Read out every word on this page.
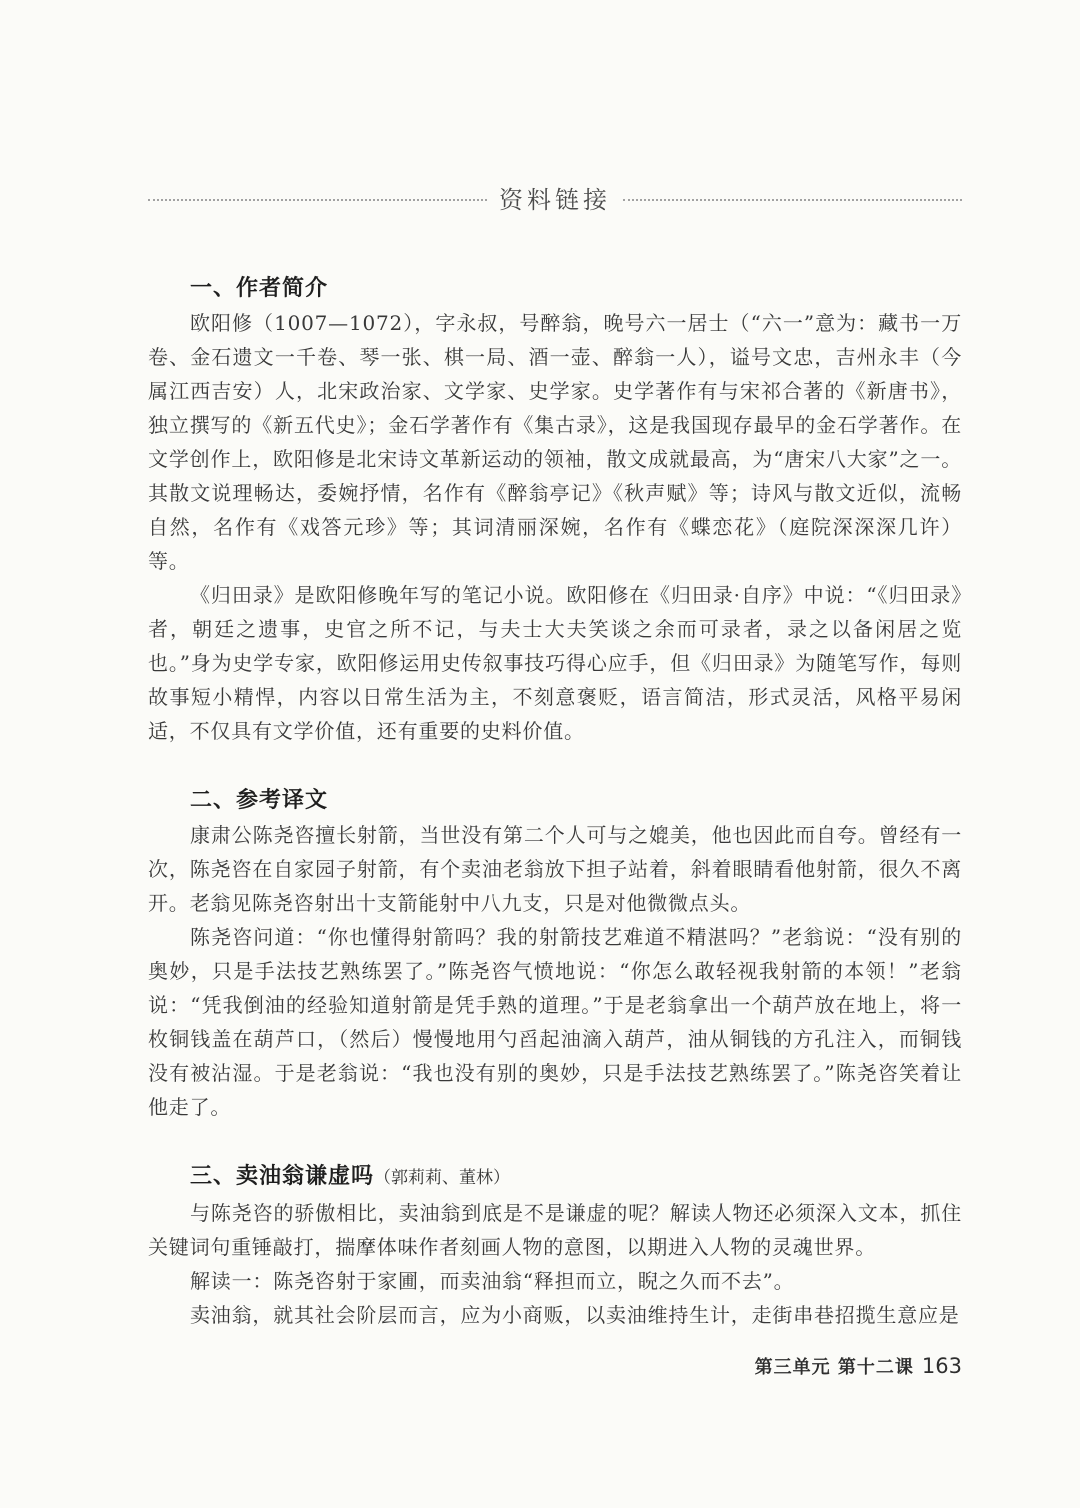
资料链接
一、作者简介

欧阳修（1007—1072），字永叔，号醉翁，晚号六一居士（“六一”意为：藏书一万卷、金石遗文一千卷、琴一张、棋一局、酒一壶、醉翁一人），谥号文忠，吉州永丰（今属江西吉安）人，北宋政治家、文学家、史学家。史学著作有与宋祁合著的《新唐书》，独立撰写的《新五代史》；金石学著作有《集古录》，这是我国现存最早的金石学著作。在文学创作上，欧阳修是北宋诗文革新运动的领袖，散文成就最高，为“唐宋八大家”之一。其散文说理畅达，委婉抒情，名作有《醉翁亭记》《秋声赋》等；诗风与散文近似，流畅自然，名作有《戏答元珍》等；其词清丽深婉，名作有《蝶恋花》（庭院深深深几许）等。

《归田录》是欧阳修晚年写的笔记小说。欧阳修在《归田录·自序》中说：“《归田录》者，朝廷之遗事，史官之所不记，与夫士大夫笑谈之余而可录者，录之以备闲居之览也。”身为史学专家，欧阳修运用史传叙事技巧得心应手，但《归田录》为随笔写作，每则故事短小精悍，内容以日常生活为主，不刻意褒贬，语言简洁，形式灵活，风格平易闲适，不仅具有文学价值，还有重要的史料价值。

二、参考译文

康肃公陈尧咨擅长射箭，当世没有第二个人可与之媲美，他也因此而自夸。曾经有一次，陈尧咨在自家园子射箭，有个卖油老翁放下担子站着，斜着眼睛看他射箭，很久不离开。老翁见陈尧咨射出十支箭能射中八九支，只是对他微微点头。

陈尧咨问道：“你也懂得射箭吗？我的射箭技艺难道不精湛吗？”老翁说：“没有别的奥妙，只是手法技艺熟练罢了。”陈尧咨气愤地说：“你怎么敢轻视我射箭的本领！”老翁说：“凭我倒油的经验知道射箭是凭手熟的道理。”于是老翁拿出一个葫芦放在地上，将一枚铜钱盖在葫芦口，（然后）慢慢地用勺舀起油滴入葫芦，油从铜钱的方孔注入，而铜钱没有被沾湿。于是老翁说：“我也没有别的奥妙，只是手法技艺熟练罢了。”陈尧咨笑着让他走了。

三、卖油翁谦虚吗（郭莉莉、董林）

与陈尧咨的骄傲相比，卖油翁到底是不是谦虚的呢？解读人物还必须深入文本，抓住关键词句重锤敲打，揣摩体味作者刻画人物的意图，以期进入人物的灵魂世界。

解读一：陈尧咨射于家圃，而卖油翁“释担而立，睨之久而不去”。

卖油翁，就其社会阶层而言，应为小商贩，以卖油维持生计，走街串巷招揽生意应是

第三单元 第十二课 163
